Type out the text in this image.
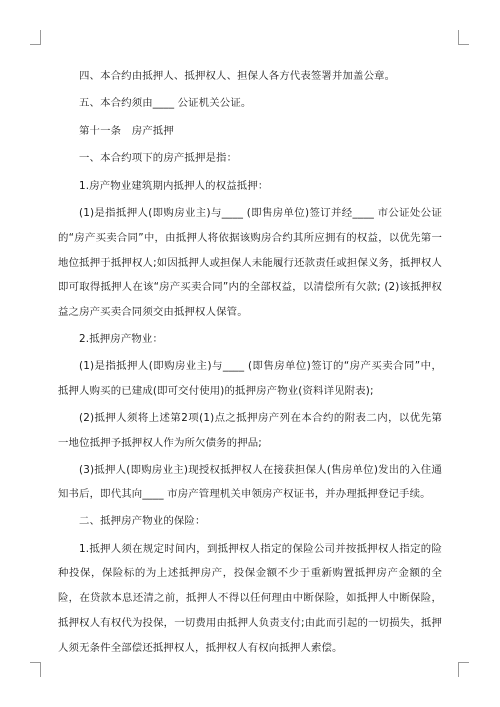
四、本合约由抵押人、抵押权人、担保人各方代表签署并加盖公章。

五、本合约须由____ 公证机关公证。

第十一条　房产抵押

一、本合约项下的房产抵押是指：

1.房产物业建筑期内抵押人的权益抵押：

(1)是指抵押人(即购房业主)与____ (即售房单位)签订并经____ 市公证处公证的“房产买卖合同”中，由抵押人将依据该购房合约其所应拥有的权益，以优先第一地位抵押于抵押权人;如因抵押人或担保人未能履行还款责任或担保义务，抵押权人即可取得抵押人在该“房产买卖合同”内的全部权益，以清偿所有欠款; (2)该抵押权益之房产买卖合同须交由抵押权人保管。

2.抵押房产物业：

(1)是指抵押人(即购房业主)与____ (即售房单位)签订的“房产买卖合同”中，抵押人购买的已建成(即可交付使用)的抵押房产物业(资料详见附表);

(2)抵押人须将上述第2项(1)点之抵押房产列在本合约的附表二内，以优先第一地位抵押予抵押权人作为所欠债务的押品;

(3)抵押人(即购房业主)现授权抵押权人在接获担保人(售房单位)发出的入住通知书后，即代其向____ 市房产管理机关申领房产权证书，并办理抵押登记手续。

二、抵押房产物业的保险：

1.抵押人须在规定时间内，到抵押权人指定的保险公司并按抵押权人指定的险种投保，保险标的为上述抵押房产，投保金额不少于重新购置抵押房产金额的全险，在贷款本息还清之前，抵押人不得以任何理由中断保险，如抵押人中断保险，抵押权人有权代为投保，一切费用由抵押人负责支付;由此而引起的一切损失，抵押人须无条件全部偿还抵押权人，抵押权人有权向抵押人索偿。
